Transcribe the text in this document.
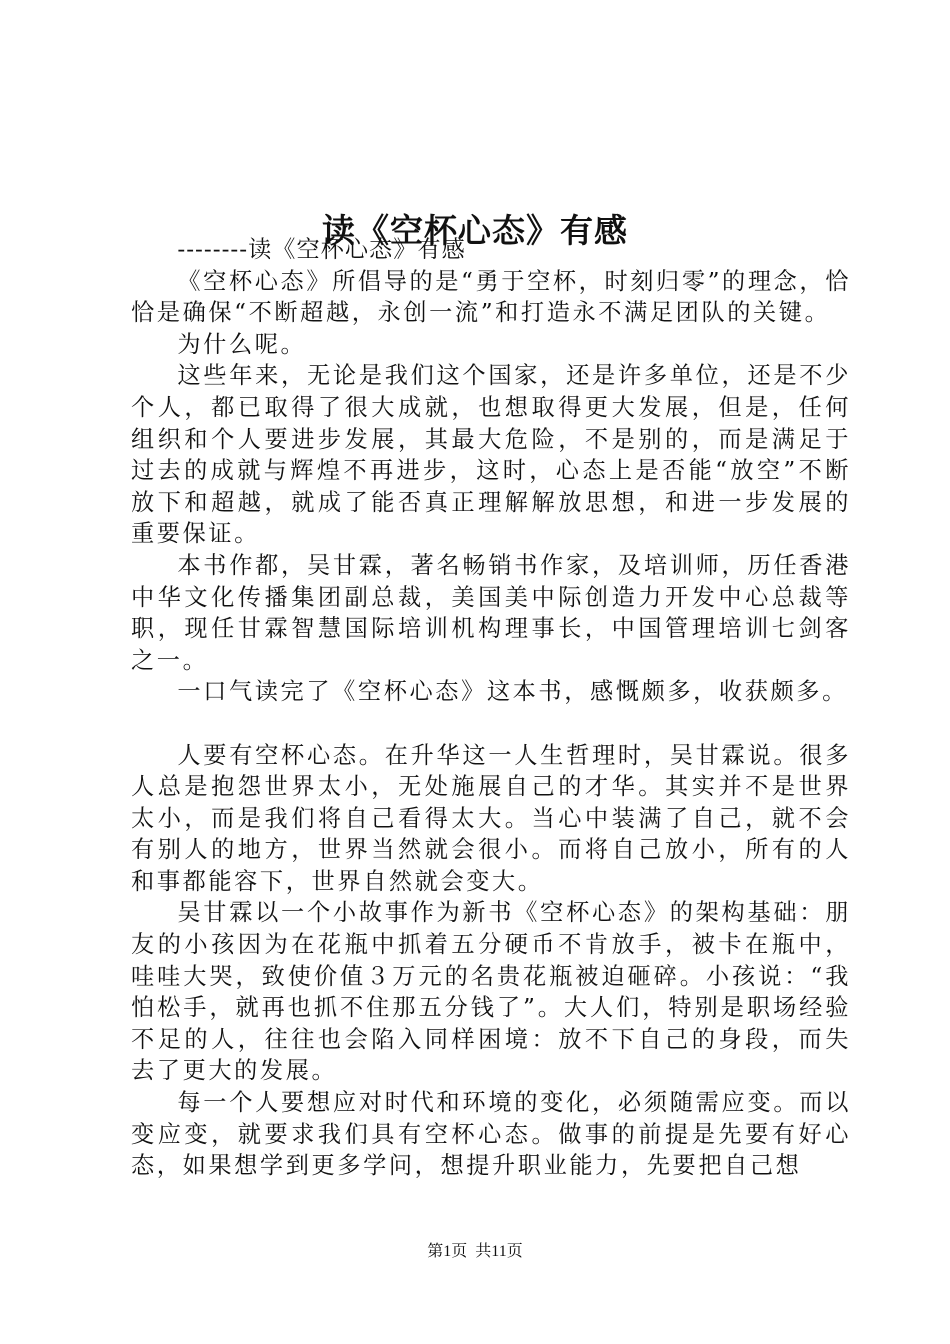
读《空杯心态》有感

--------读《空杯心态》有感

《空杯心态》所倡导的是“勇于空杯，时刻归零”的理念，恰恰是确保“不断超越，永创一流”和打造永不满足团队的关键。

为什么呢。

这些年来，无论是我们这个国家，还是许多单位，还是不少个人，都已取得了很大成就，也想取得更大发展，但是，任何组织和个人要进步发展，其最大危险，不是别的，而是满足于过去的成就与辉煌不再进步，这时，心态上是否能“放空”不断放下和超越，就成了能否真正理解解放思想，和进一步发展的重要保证。

本书作都，吴甘霖，著名畅销书作家，及培训师，历任香港中华文化传播集团副总裁，美国美中际创造力开发中心总裁等职，现任甘霖智慧国际培训机构理事长，中国管理培训七剑客之一。

一口气读完了《空杯心态》这本书，感慨颇多，收获颇多。

人要有空杯心态。在升华这一人生哲理时，吴甘霖说。很多人总是抱怨世界太小，无处施展自己的才华。其实并不是世界太小，而是我们将自己看得太大。当心中装满了自己，就不会有别人的地方，世界当然就会很小。而将自己放小，所有的人和事都能容下，世界自然就会变大。

吴甘霖以一个小故事作为新书《空杯心态》的架构基础：朋友的小孩因为在花瓶中抓着五分硬币不肯放手，被卡在瓶中，哇哇大哭，致使价值３万元的名贵花瓶被迫砸碎。小孩说：“我怕松手，就再也抓不住那五分钱了”。大人们，特别是职场经验不足的人，往往也会陷入同样困境：放不下自己的身段，而失去了更大的发展。

每一个人要想应对时代和环境的变化，必须随需应变。而以变应变，就要求我们具有空杯心态。做事的前提是先要有好心态，如果想学到更多学问，想提升职业能力，先要把自己想

第1页 共11页
